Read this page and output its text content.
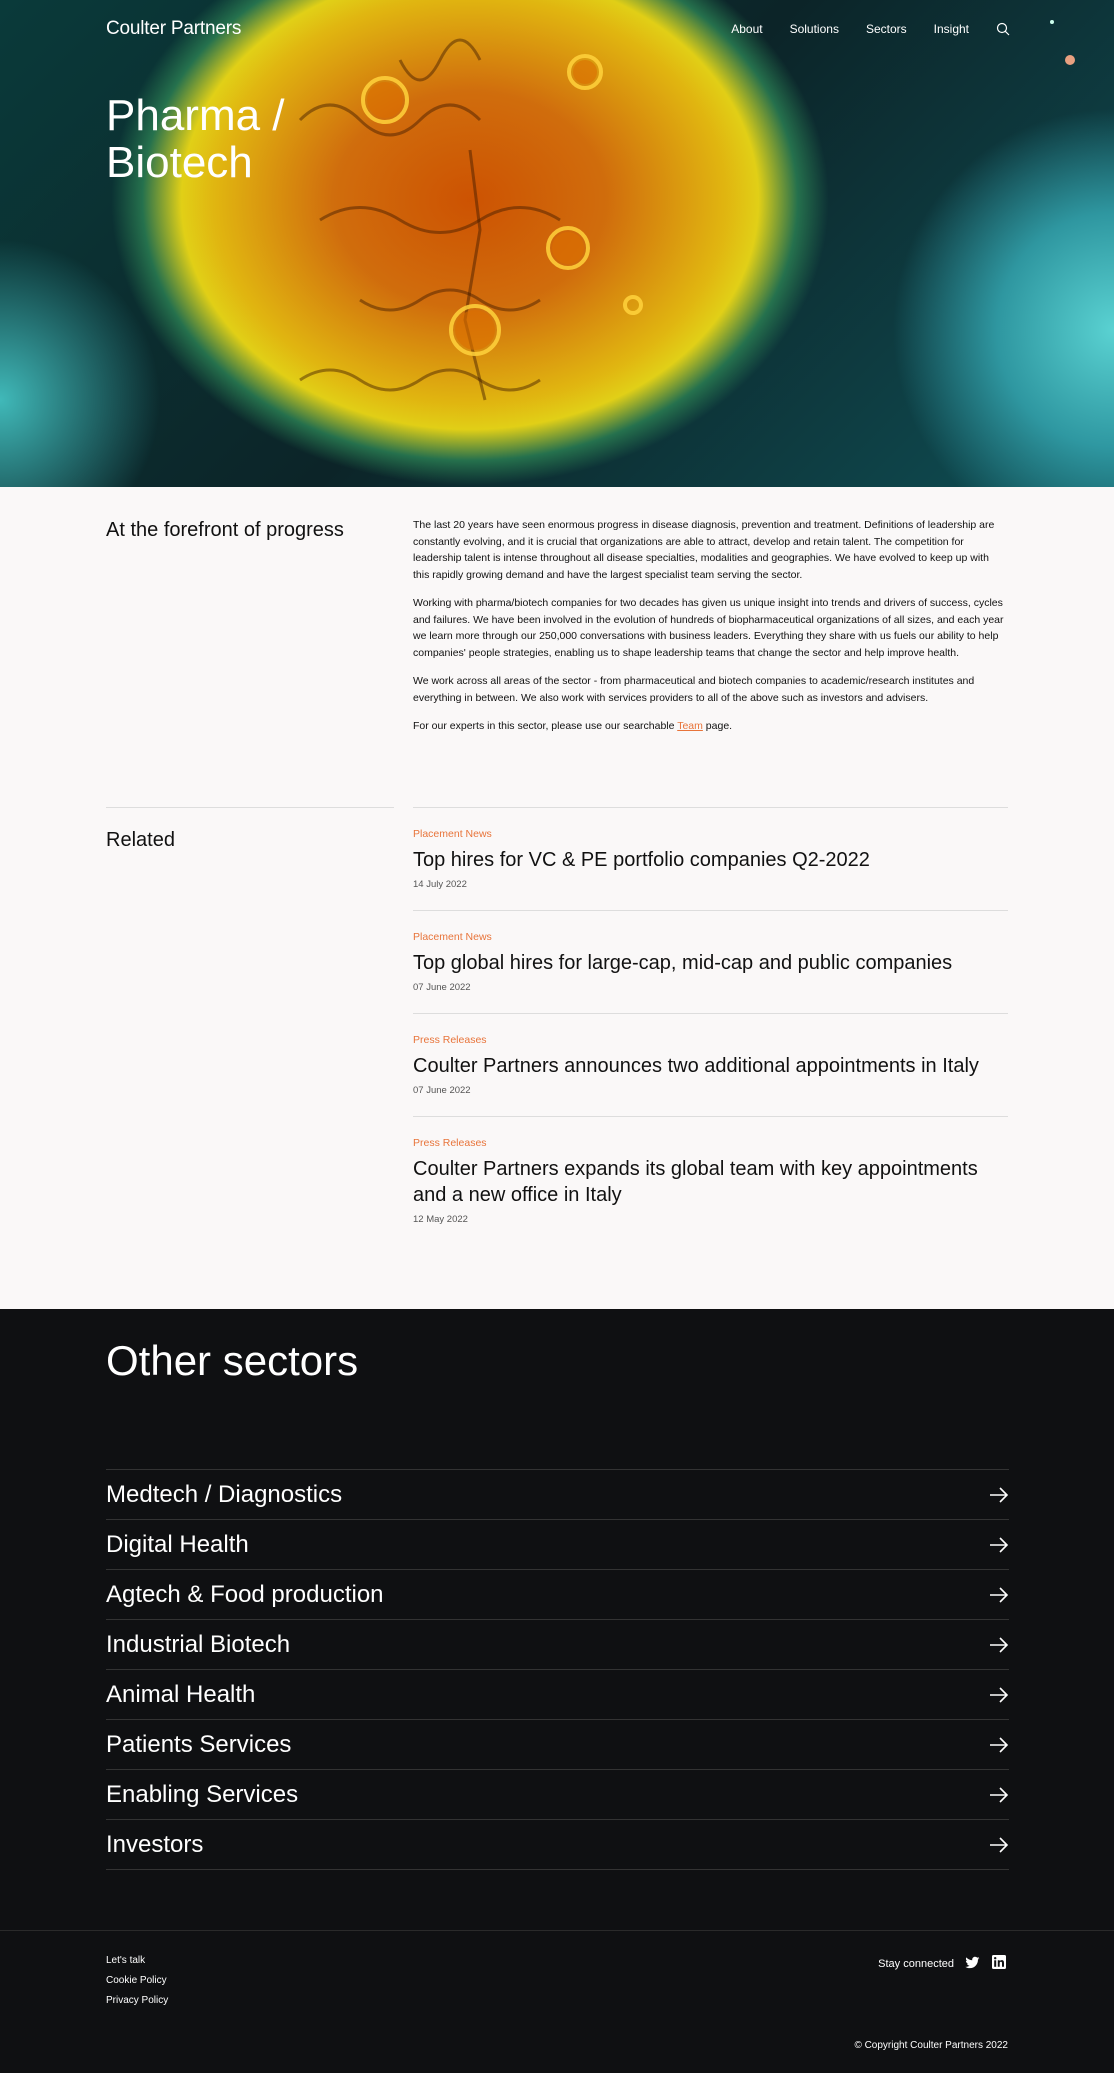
Coulter Partners	About Solutions Sectors Insight
Pharma / Biotech
At the forefront of progress	The last 20 years have seen enormous progress in disease diagnosis, prevention and treatment. Definitions of leadership are constantly evolving, and it is crucial that organizations are able to attract, develop and retain talent. The competition for leadership talent is intense throughout all disease specialties, modalities and geographies. We have evolved to keep up with this rapidly growing demand and have the largest specialist team serving the sector.

Working with pharma/biotech companies for two decades has given us unique insight into trends and drivers of success, cycles and failures. We have been involved in the evolution of hundreds of biopharmaceutical organizations of all sizes, and each year we learn more through our 250,000 conversations with business leaders. Everything they share with us fuels our ability to help companies' people strategies, enabling us to shape leadership teams that change the sector and help improve health.

We work across all areas of the sector - from pharmaceutical and biotech companies to academic/research institutes and everything in between. We also work with services providers to all of the above such as investors and advisers.

For our experts in this sector, please use our searchable Team page.

Related	Placement News
Top hires for VC & PE portfolio companies Q2-2022
14 July 2022
Placement News
Top global hires for large-cap, mid-cap and public companies
07 June 2022
Press Releases
Coulter Partners announces two additional appointments in Italy
07 June 2022
Press Releases
Coulter Partners expands its global team with key appointments and a new office in Italy
12 May 2022
Other sectors
Medtech / Diagnostics
Digital Health
Agtech & Food production
Industrial Biotech
Animal Health
Patients Services
Enabling Services
Investors
Let's talk
Cookie Policy
Privacy Policy
Stay connected
© Copyright Coulter Partners 2022
